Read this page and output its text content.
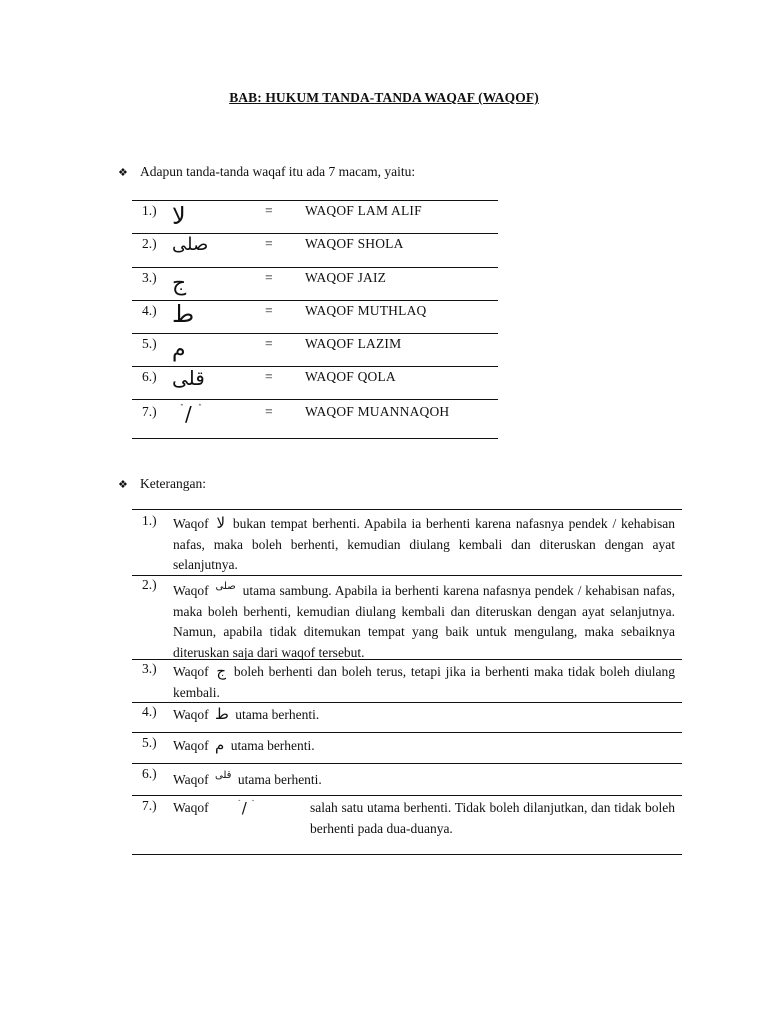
BAB: HUKUM TANDA-TANDA WAQAF (WAQOF)
❖ Adapun tanda-tanda waqaf itu ada 7 macam, yaitu:
1.) لا	= WAQOF LAM ALIF
2.) صلى	= WAQOF SHOLA
3.) ج	= WAQOF JAIZ
4.) ط	= WAQOF MUTHLAQ
5.) م	= WAQOF LAZIM
6.) قلى	= WAQOF QOLA
7.) ۛ / ۛ	= WAQOF MUANNAQOH
❖ Keterangan:
1.) Waqof لا bukan tempat berhenti. Apabila ia berhenti karena nafasnya pendek / kehabisan nafas, maka boleh berhenti, kemudian diulang kembali dan diteruskan dengan ayat selanjutnya.
2.) Waqof $^{صلى}$ utama sambung. Apabila ia berhenti karena nafasnya pendek / kehabisan nafas, maka boleh berhenti, kemudian diulang kembali dan diteruskan dengan ayat selanjutnya. Namun, apabila tidak ditemukan tempat yang baik untuk mengulang, maka sebaiknya diteruskan saja dari waqof tersebut.
3.) Waqof ج boleh berhenti dan boleh terus, tetapi jika ia berhenti maka tidak boleh diulang kembali.
4.) Waqof ط utama berhenti.
5.) Waqof م utama berhenti.
6.) Waqof $^{قلى}$ utama berhenti.
7.) Waqof ۛ / ۛ	salah satu utama berhenti. Tidak boleh dilanjutkan, dan tidak boleh berhenti pada dua-duanya.
